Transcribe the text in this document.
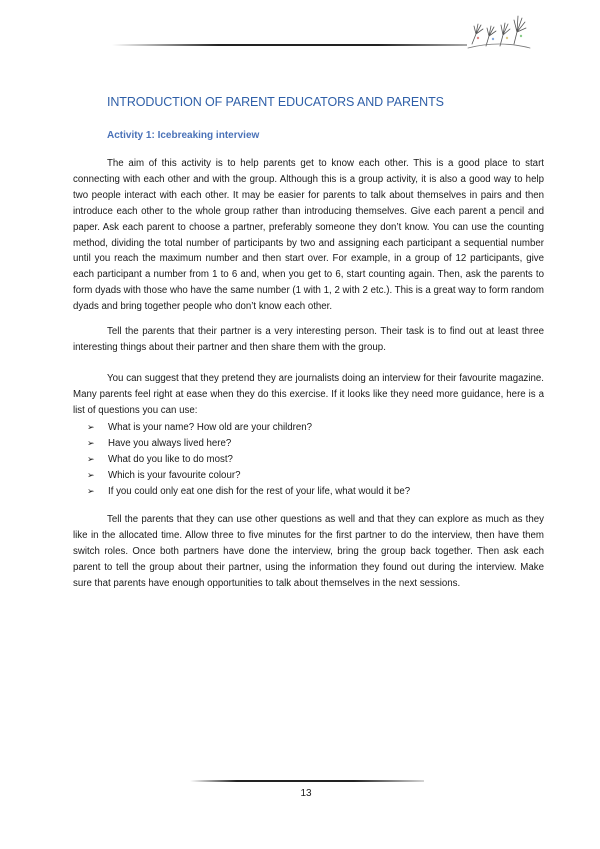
INTRODUCTION OF PARENT EDUCATORS AND PARENTS
Activity 1: Icebreaking interview

The aim of this activity is to help parents get to know each other. This is a good place to start connecting with each other and with the group. Although this is a group activity, it is also a good way to help two people interact with each other. It may be easier for parents to talk about themselves in pairs and then introduce each other to the whole group rather than introducing themselves. Give each parent a pencil and paper. Ask each parent to choose a partner, preferably someone they don’t know. You can use the counting method, dividing the total number of participants by two and assigning each participant a sequential number until you reach the maximum number and then start over. For example, in a group of 12 participants, give each participant a number from 1 to 6 and, when you get to 6, start counting again. Then, ask the parents to form dyads with those who have the same number (1 with 1, 2 with 2 etc.). This is a great way to form random dyads and bring together people who don’t know each other.

Tell the parents that their partner is a very interesting person. Their task is to find out at least three interesting things about their partner and then share them with the group.

You can suggest that they pretend they are journalists doing an interview for their favourite magazine. Many parents feel right at ease when they do this exercise. If it looks like they need more guidance, here is a list of questions you can use:

➢ What is your name? How old are your children?
➢ Have you always lived here?
➢ What do you like to do most?
➢ Which is your favourite colour?
➢ If you could only eat one dish for the rest of your life, what would it be?

Tell the parents that they can use other questions as well and that they can explore as much as they like in the allocated time. Allow three to five minutes for the first partner to do the interview, then have them switch roles. Once both partners have done the interview, bring the group back together. Then ask each parent to tell the group about their partner, using the information they found out during the interview. Make sure that parents have enough opportunities to talk about themselves in the next sessions.

13
